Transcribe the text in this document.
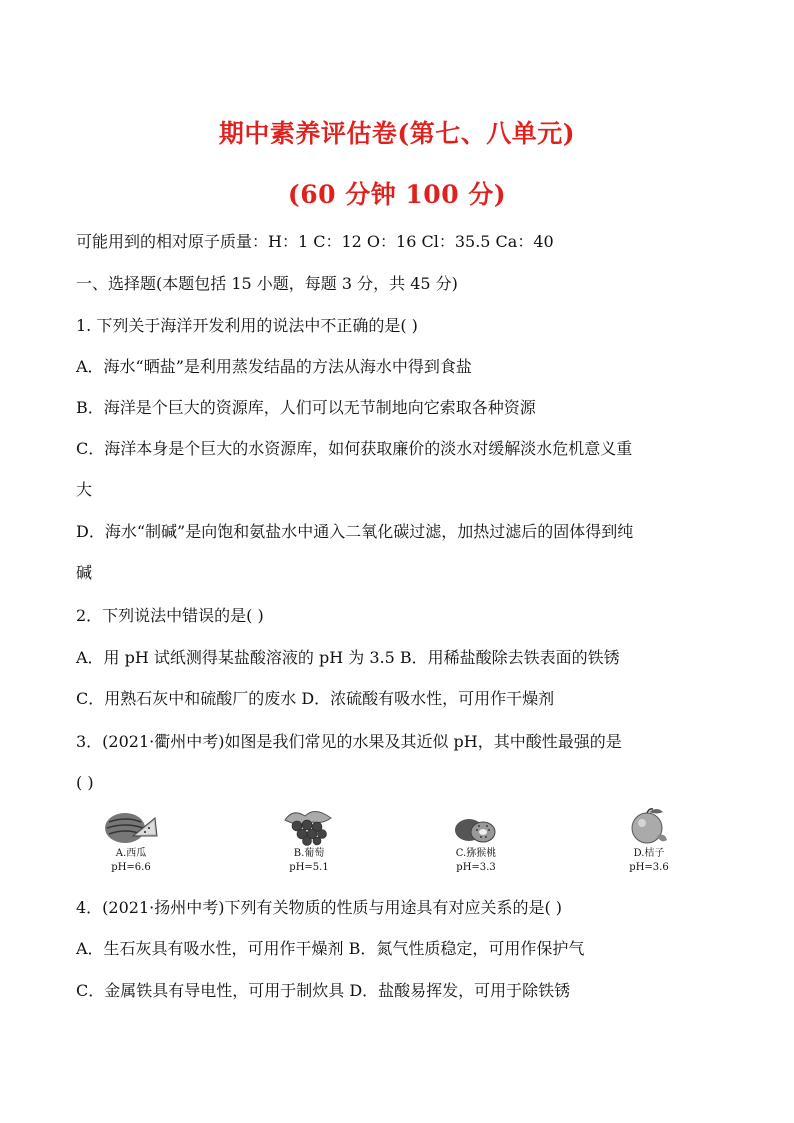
期中素养评估卷(第七、八单元)
(60 分钟 100 分)
可能用到的相对原子质量：H：1 C：12 O：16 Cl：35.5 Ca：40
一、选择题(本题包括 15 小题，每题 3 分，共 45 分)
1. 下列关于海洋开发利用的说法中不正确的是( )
A．海水“晒盐”是利用蒸发结晶的方法从海水中得到食盐
B．海洋是个巨大的资源库，人们可以无节制地向它索取各种资源
C．海洋本身是个巨大的水资源库，如何获取廉价的淡水对缓解淡水危机意义重
大
D．海水“制碱”是向饱和氨盐水中通入二氧化碳过滤，加热过滤后的固体得到纯
碱
2．下列说法中错误的是( )
A．用 pH 试纸测得某盐酸溶液的 pH 为 3.5 B．用稀盐酸除去铁表面的铁锈
C．用熟石灰中和硫酸厂的废水 D．浓硫酸有吸水性，可用作干燥剂
3．(2021·衢州中考)如图是我们常见的水果及其近似 pH，其中酸性最强的是
( )
A.西瓜
pH=6.6
B.葡萄
pH=5.1
C.猕猴桃
pH=3.3
D.桔子
pH=3.6
4．(2021·扬州中考)下列有关物质的性质与用途具有对应关系的是( )
A．生石灰具有吸水性，可用作干燥剂 B．氮气性质稳定，可用作保护气
C．金属铁具有导电性，可用于制炊具 D．盐酸易挥发，可用于除铁锈
